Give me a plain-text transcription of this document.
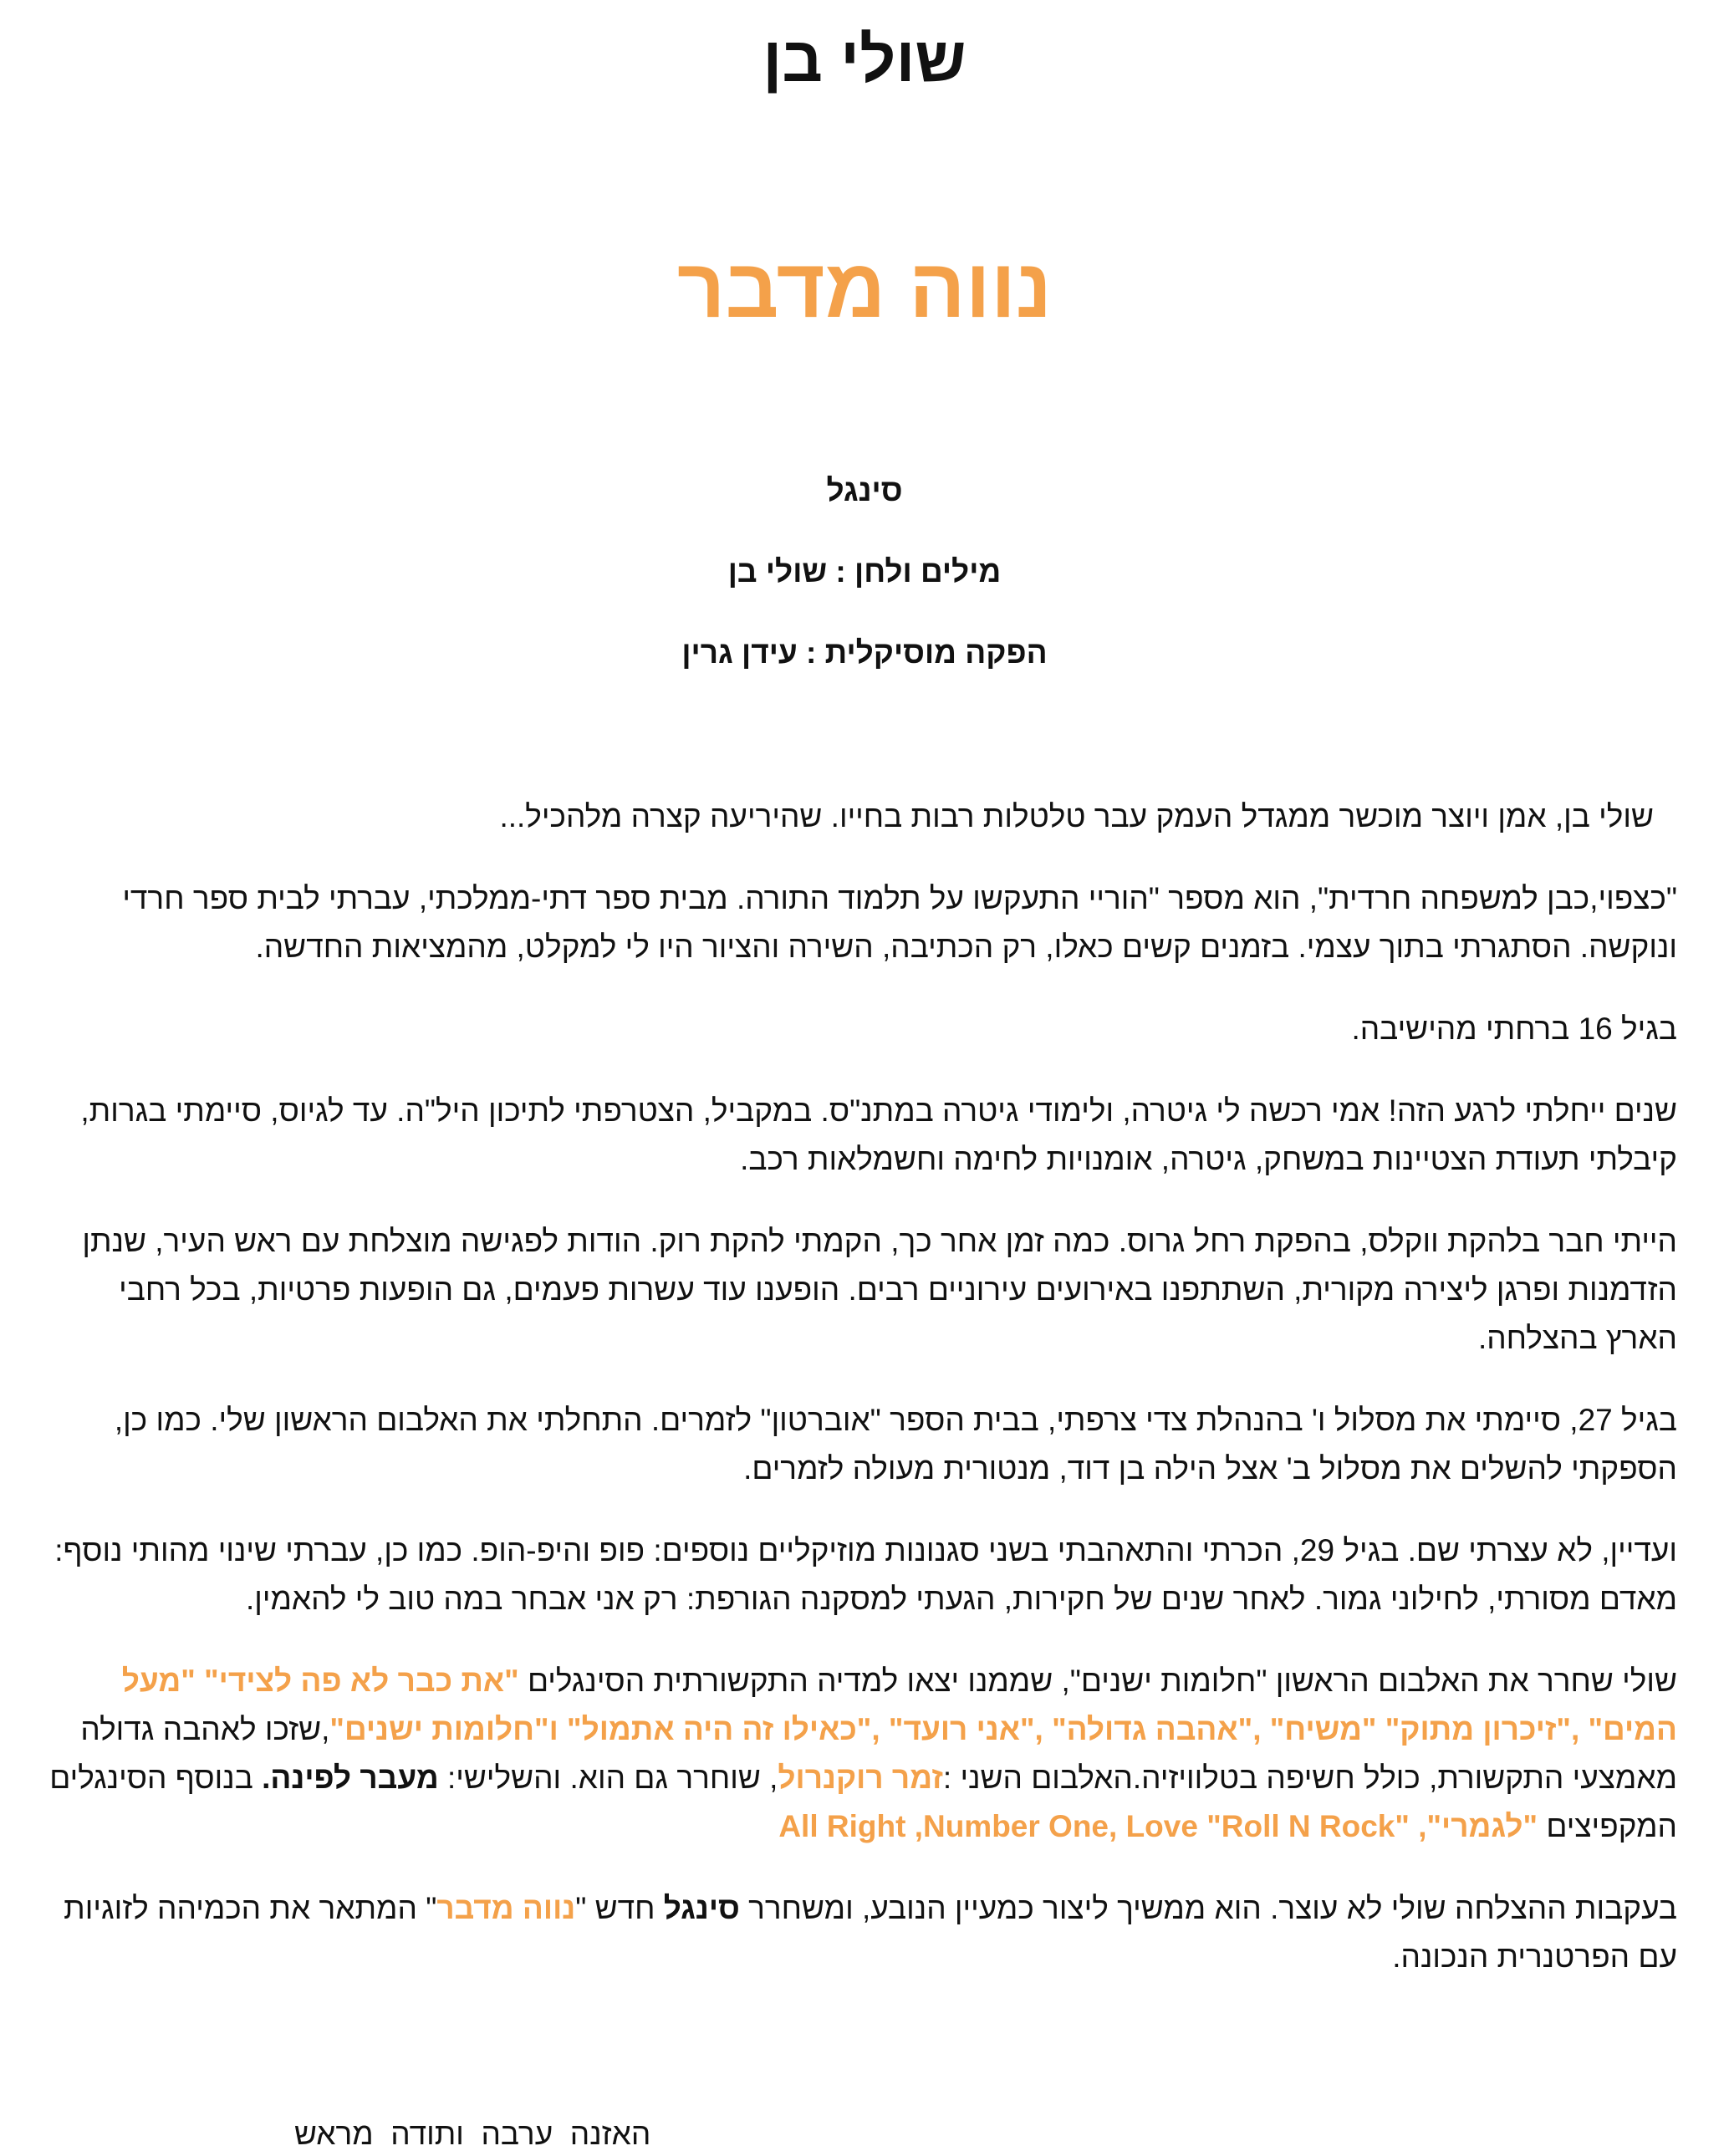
שולי בן
נווה מדבר
סינגל
מילים ולחן : שולי בן
הפקה מוסיקלית : עידן גרין

שולי בן, אמן ויוצר מוכשר ממגדל העמק עבר טלטלות רבות בחייו. שהיריעה קצרה מלהכיל...

"כצפוי,כבן למשפחה חרדית", הוא מספר "הוריי התעקשו על תלמוד התורה. מבית ספר דתי-ממלכתי, עברתי לבית ספר חרדי ונוקשה. הסתגרתי בתוך עצמי. בזמנים קשים כאלו, רק הכתיבה, השירה והציור היו לי למקלט, מהמציאות החדשה.

בגיל 16 ברחתי מהישיבה.

שנים ייחלתי לרגע הזה! אמי רכשה לי גיטרה, ולימודי גיטרה במתנ"ס. במקביל, הצטרפתי לתיכון היל"ה. עד לגיוס, סיימתי בגרות, קיבלתי תעודת הצטיינות במשחק, גיטרה, אומנויות לחימה וחשמלאות רכב.

הייתי חבר בלהקת ווקלס, בהפקת רחל גרוס. כמה זמן אחר כך, הקמתי להקת רוק. הודות לפגישה מוצלחת עם ראש העיר, שנתן הזדמנות ופרגן ליצירה מקורית, השתתפנו באירועים עירוניים רבים. הופענו עוד עשרות פעמים, גם הופעות פרטיות, בכל רחבי הארץ בהצלחה.

בגיל 27, סיימתי את מסלול ו' בהנהלת צדי צרפתי, בבית הספר "אוברטון" לזמרים. התחלתי את האלבום הראשון שלי. כמו כן, הספקתי להשלים את מסלול ב' אצל הילה בן דוד, מנטורית מעולה לזמרים.

ועדיין, לא עצרתי שם. בגיל 29, הכרתי והתאהבתי בשני סגנונות מוזיקליים נוספים: פופ והיפ-הופ. כמו כן, עברתי שינוי מהותי נוסף: מאדם מסורתי, לחילוני גמור. לאחר שנים של חקירות, הגעתי למסקנה הגורפת: רק אני אבחר במה טוב לי להאמין.

שולי שחרר את האלבום הראשון "חלומות ישנים", שממנו יצאו למדיה התקשורתית הסינגלים "את כבר לא פה לצידי" "מעל המים" ,"זיכרון מתוק" "משיח" ,"אהבה גדולה" ,"אני רועד" ,"כאילו זה היה אתמול" ו"חלומות ישנים",שזכו לאהבה גדולה מאמצעי התקשורת, כולל חשיפה בטלוויזיה.האלבום השני :זמר רוקנרול, שוחרר גם הוא. והשלישי: מעבר לפינה. בנוסף הסינגלים המקפיצים "לגמרי", All Right ,Number One, Love "Roll N Rock"

בעקבות ההצלחה שולי לא עוצר. הוא ממשיך ליצור כמעיין הנובע, ומשחרר סינגל חדש "נווה מדבר" המתאר את הכמיהה לזוגיות עם הפרטנרית הנכונה.

האזנה  ערבה  ותודה  מראש
